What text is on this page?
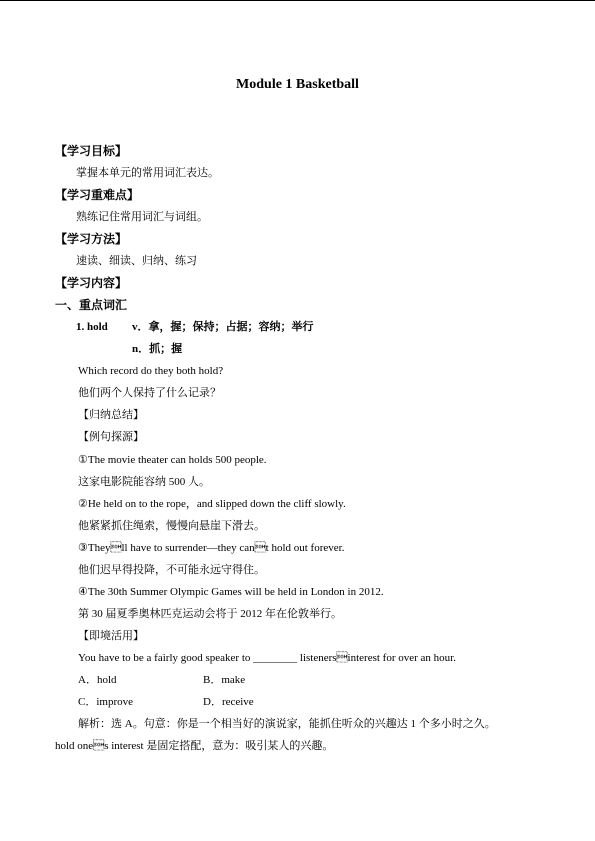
Module 1 Basketball
【学习目标】
掌握本单元的常用词汇表达。
【学习重难点】
熟练记住常用词汇与词组。
【学习方法】
速读、细读、归纳、练习
【学习内容】
一、重点词汇
1. hold v．拿，握；保持；占据；容纳；举行
n．抓；握
Which record do they both hold?
他们两个人保持了什么记录？
【归纳总结】
【例句探源】
①The movie theater can holds 500 people.
这家电影院能容纳 500 人。
②He held on to the rope，and slipped down the cliff slowly.
他紧紧抓住绳索，慢慢向悬崖下滑去。
③Theyll have to surrender—they cant hold out forever.
他们迟早得投降，不可能永远守得住。
④The 30th Summer Olympic Games will be held in London in 2012.
第 30 届夏季奥林匹克运动会将于 2012 年在伦敦举行。
【即境活用】
You have to be a fairly good speaker to ________ listenersinterest for over an hour.
A．hold	B．make
C．improve	D．receive
解析：选 A。句意：你是一个相当好的演说家，能抓住听众的兴趣达 1 个多小时之久。
hold ones interest 是固定搭配，意为：吸引某人的兴趣。
